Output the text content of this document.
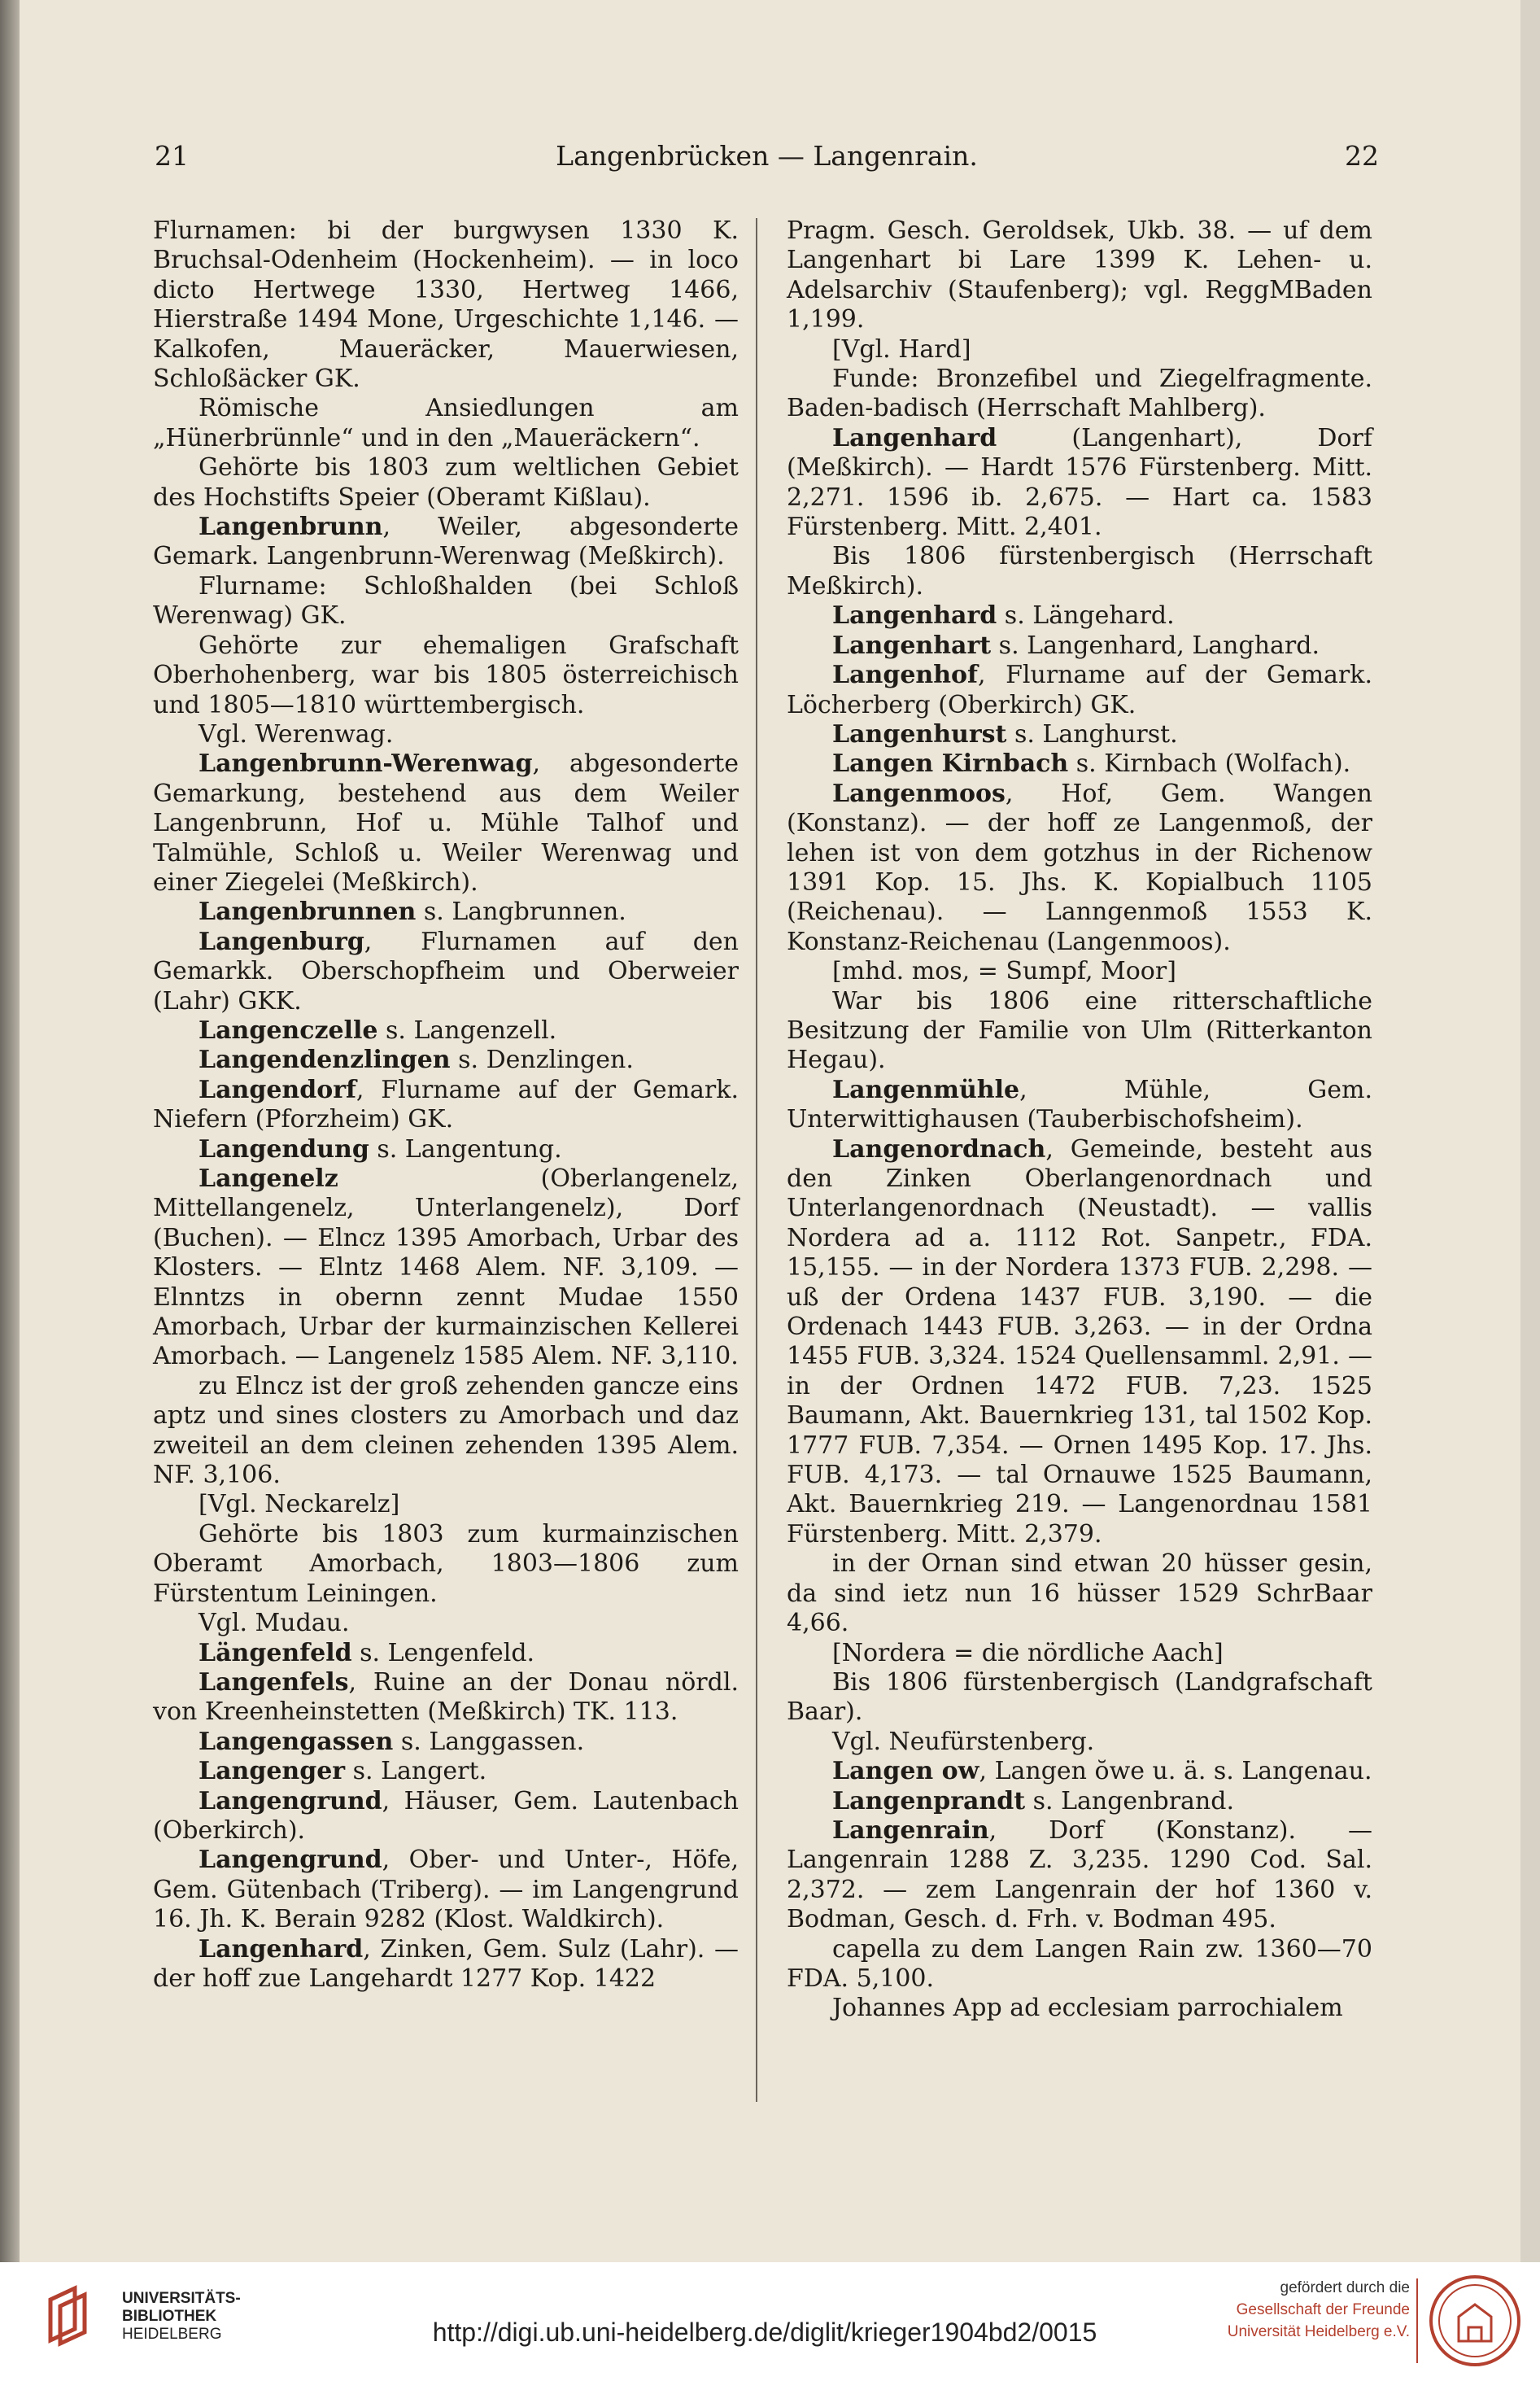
21	Langenbrücken — Langenrain.	22

Flurnamen: bi der burgwysen 1330 K. Bruchsal-Odenheim (Hockenheim). — in loco dicto Hertwege 1330, Hertweg 1466, Hierstraße 1494 Mone, Urgeschichte 1,146. — Kalkofen, Maueräcker, Mauerwiesen, Schloßäcker GK.

Römische Ansiedlungen am „Hünerbrünnle“ und in den „Maueräckern“.

Gehörte bis 1803 zum weltlichen Gebiet des Hochstifts Speier (Oberamt Kißlau).

Langenbrunn, Weiler, abgesonderte Gemark. Langenbrunn-Werenwag (Meßkirch).

Flurname: Schloßhalden (bei Schloß Werenwag) GK.

Gehörte zur ehemaligen Grafschaft Oberhohenberg, war bis 1805 österreichisch und 1805—1810 württembergisch.

Vgl. Werenwag.

Langenbrunn-Werenwag, abgesonderte Gemarkung, bestehend aus dem Weiler Langenbrunn, Hof u. Mühle Talhof und Talmühle, Schloß u. Weiler Werenwag und einer Ziegelei (Meßkirch).

Langenbrunnen s. Langbrunnen.

Langenburg, Flurnamen auf den Gemarkk. Oberschopfheim und Oberweier (Lahr) GKK.

Langenczelle s. Langenzell.

Langendenzlingen s. Denzlingen.

Langendorf, Flurname auf der Gemark. Niefern (Pforzheim) GK.

Langendung s. Langentung.

Langenelz (Oberlangenelz, Mittellangenelz, Unterlangenelz), Dorf (Buchen). — Elncz 1395 Amorbach, Urbar des Klosters. — Elntz 1468 Alem. NF. 3,109. — Elnntzs in obernn zennt Mudae 1550 Amorbach, Urbar der kurmainzischen Kellerei Amorbach. — Langenelz 1585 Alem. NF. 3,110.

zu Elncz ist der groß zehenden gancze eins aptz und sines closters zu Amorbach und daz zweiteil an dem cleinen zehenden 1395 Alem. NF. 3,106.

[Vgl. Neckarelz]

Gehörte bis 1803 zum kurmainzischen Oberamt Amorbach, 1803—1806 zum Fürstentum Leiningen.

Vgl. Mudau.

Längenfeld s. Lengenfeld.

Langenfels, Ruine an der Donau nördl. von Kreenheinstetten (Meßkirch) TK. 113.

Langengassen s. Langgassen.

Langenger s. Langert.

Langengrund, Häuser, Gem. Lautenbach (Oberkirch).

Langengrund, Ober- und Unter-, Höfe, Gem. Gütenbach (Triberg). — im Langengrund 16. Jh. K. Berain 9282 (Klost. Waldkirch).

Langenhard, Zinken, Gem. Sulz (Lahr). — der hoff zue Langehardt 1277 Kop. 1422

Pragm. Gesch. Geroldsek, Ukb. 38. — uf dem Langenhart bi Lare 1399 K. Lehen- u. Adelsarchiv (Staufenberg); vgl. ReggMBaden 1,199.

[Vgl. Hard]

Funde: Bronzefibel und Ziegelfragmente. Baden-badisch (Herrschaft Mahlberg).

Langenhard (Langenhart), Dorf (Meßkirch). — Hardt 1576 Fürstenberg. Mitt. 2,271. 1596 ib. 2,675. — Hart ca. 1583 Fürstenberg. Mitt. 2,401.

Bis 1806 fürstenbergisch (Herrschaft Meßkirch).

Langenhard s. Längehard.

Langenhart s. Langenhard, Langhard.

Langenhof, Flurname auf der Gemark. Löcherberg (Oberkirch) GK.

Langenhurst s. Langhurst.

Langen Kirnbach s. Kirnbach (Wolfach).

Langenmoos, Hof, Gem. Wangen (Konstanz). — der hoff ze Langenmoß, der lehen ist von dem gotzhus in der Richenow 1391 Kop. 15. Jhs. K. Kopialbuch 1105 (Reichenau). — Lanngenmoß 1553 K. Konstanz-Reichenau (Langenmoos).

[mhd. mos, = Sumpf, Moor]

War bis 1806 eine ritterschaftliche Besitzung der Familie von Ulm (Ritterkanton Hegau).

Langenmühle, Mühle, Gem. Unterwittighausen (Tauberbischofsheim).

Langenordnach, Gemeinde, besteht aus den Zinken Oberlangenordnach und Unterlangenordnach (Neustadt). — vallis Nordera ad a. 1112 Rot. Sanpetr., FDA. 15,155. — in der Nordera 1373 FUB. 2,298. — uß der Ordena 1437 FUB. 3,190. — die Ordenach 1443 FUB. 3,263. — in der Ordna 1455 FUB. 3,324. 1524 Quellensamml. 2,91. — in der Ordnen 1472 FUB. 7,23. 1525 Baumann, Akt. Bauernkrieg 131, tal 1502 Kop. 1777 FUB. 7,354. — Ornen 1495 Kop. 17. Jhs. FUB. 4,173. — tal Ornauwe 1525 Baumann, Akt. Bauernkrieg 219. — Langenordnau 1581 Fürstenberg. Mitt. 2,379.

in der Ornan sind etwan 20 hüsser gesin, da sind ietz nun 16 hüsser 1529 SchrBaar 4,66.

[Nordera = die nördliche Aach]

Bis 1806 fürstenbergisch (Landgrafschaft Baar).

Vgl. Neufürstenberg.

Langen ow, Langen ŏwe u. ä. s. Langenau.

Langenprandt s. Langenbrand.

Langenrain, Dorf (Konstanz). — Langenrain 1288 Z. 3,235. 1290 Cod. Sal. 2,372. — zem Langenrain der hof 1360 v. Bodman, Gesch. d. Frh. v. Bodman 495.

capella zu dem Langen Rain zw. 1360—70 FDA. 5,100.

Johannes App ad ecclesiam parrochialem

UNIVERSITÄTS-
BIBLIOTHEK
HEIDELBERG	http://digi.ub.uni-heidelberg.de/diglit/krieger1904bd2/0015
gefördert durch die
Gesellschaft der Freunde
Universität Heidelberg e.V.
